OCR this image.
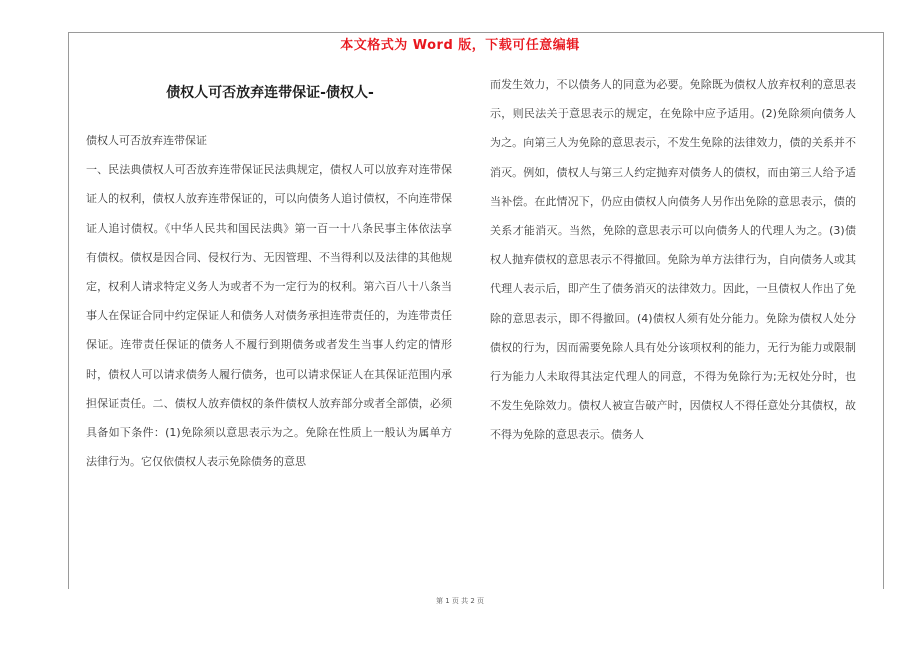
本文格式为 Word 版，下载可任意编辑
债权人可否放弃连带保证-债权人-

债权人可否放弃连带保证

一、民法典债权人可否放弃连带保证民法典规定，债权人可以放弃对连带保证人的权利，债权人放弃连带保证的，可以向债务人追讨债权，不向连带保证人追讨债权。《中华人民共和国民法典》第一百一十八条民事主体依法享有债权。债权是因合同、侵权行为、无因管理、不当得利以及法律的其他规定，权利人请求特定义务人为或者不为一定行为的权利。第六百八十八条当事人在保证合同中约定保证人和债务人对债务承担连带责任的，为连带责任保证。连带责任保证的债务人不履行到期债务或者发生当事人约定的情形时，债权人可以请求债务人履行债务，也可以请求保证人在其保证范围内承担保证责任。二、债权人放弃债权的条件债权人放弃部分或者全部债，必须具备如下条件：(1)免除须以意思表示为之。免除在性质上一般认为属单方法律行为。它仅依债权人表示免除债务的意思

而发生效力，不以债务人的同意为必要。免除既为债权人放弃权利的意思表示，则民法关于意思表示的规定，在免除中应予适用。(2)免除须向债务人为之。向第三人为免除的意思表示，不发生免除的法律效力，债的关系并不消灭。例如，债权人与第三人约定抛弃对债务人的债权，而由第三人给予适当补偿。在此情况下，仍应由债权人向债务人另作出免除的意思表示，债的关系才能消灭。当然，免除的意思表示可以向债务人的代理人为之。(3)债权人抛弃债权的意思表示不得撤回。免除为单方法律行为，自向债务人或其代理人表示后，即产生了债务消灭的法律效力。因此，一旦债权人作出了免除的意思表示，即不得撤回。(4)债权人须有处分能力。免除为债权人处分债权的行为，因而需要免除人具有处分该项权利的能力，无行为能力或限制行为能力人未取得其法定代理人的同意，不得为免除行为;无权处分时，也不发生免除效力。债权人被宣告破产时，因债权人不得任意处分其债权，故不得为免除的意思表示。债务人

第 1 页 共 2 页
